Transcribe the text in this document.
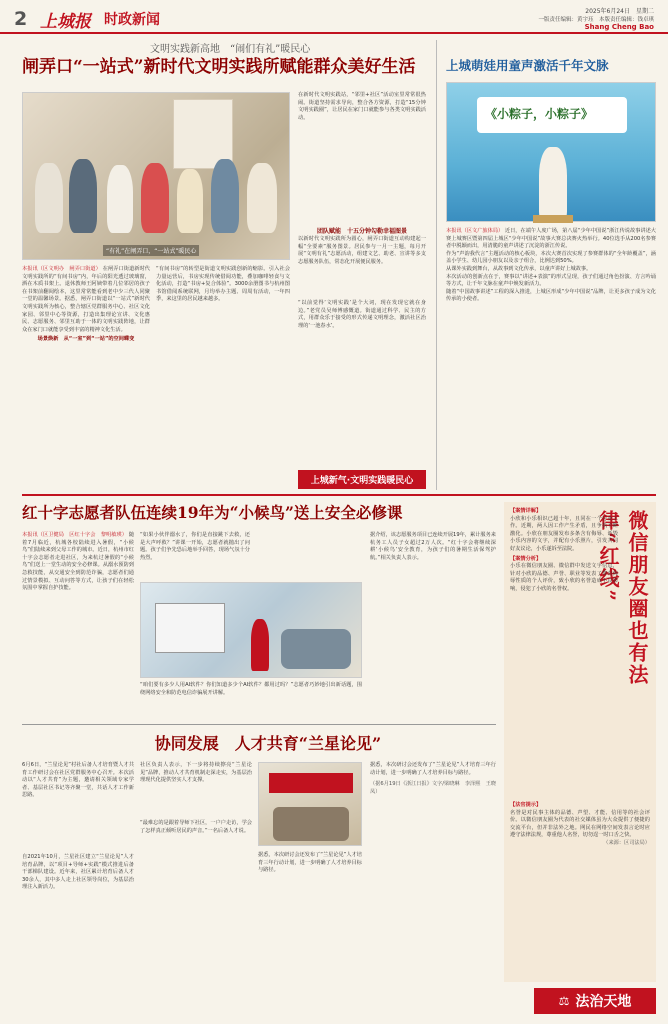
2 上城报 时政新闻
2025年6月24日　星期二
一版责任编辑：黄宇珏　本版责任编辑：钱卓琪
Shang Cheng Bao
文明实践新高地　“闹们有礼”暖民心
闸弄口“一站式”新时代文明实践所赋能群众美好生活
“有礼”在闸弄口，“一站式”暖民心
本报讯（区文明办　闸弄口街道） 在闸弄口街道新时代文明实践所的“有间书房”内，年后的阳光透过玻璃窗，洒在木质书架上。退休教师王阿姨带着几位邻居的孩子在书架前翻阅绘本，这里常常能看到老中少三代人同聚一堂的温馨场景。据悉，闸弄口街道以“一站式”新时代文明实践所为核心，整合辖区党群服务中心、社区文化家园、邻里中心等资源，打造出集理论宣讲、文化惠民、志愿服务、邻里互助于一体的文明实践阵地，让群众在家门口就能享受到丰富的精神文化生活。
场景焕新　从“一室”到“一站”的空间蝶变
“有间书房”的转型是街道文明实践创新的缩影。引入社会力量运营后，书房实现传统借阅功能，叠加咖啡轻食与文化活动，打造“书房+复合体验”。3000余册图书与杭州图书馆借阅系统联网，月均举办主题、周周有活动，一年四季，来这里的居民越来越多。
在新时代文明实践站，“邻里+社区”活动室里常常很热闹。街道坚持需求导向，整合各方资源，打造“15分钟文明实践圈”，让居民在家门口就能参与各类文明实践活动。
团队赋能　十五分钟勾勒幸福图景
以新时代文明实践所为圆心，闸弄口街道互动构建起一幅“全要素”服务图景。居民参与一月一主题，每月开展“文明有礼”志愿活动，组建文艺、助老、宣讲等多支志愿服务队伍，常态化开展便民服务。
“以前觉得‘文明实践’是个大词，现在发现它就在身边。”老党员吴师傅感慨道。街道通过科学、民主的方式，用群众乐于接受的形式传递文明理念，激活社区治理的‘一池春水’。
上城新气·文明实践暖民心
上城萌娃用童声激活千年文脉
《小粽子，小粽子》
本报讯（区文广旅体局） 近日，在端午人度广场，第八届“少年中国说”浙江传说故事讲述大赛上城赛区暨第四届上城区“少年中国说”故事大赛总决赛火热举行。40位选手从200名参赛者中脱颖而出，用清脆的童声讲述了沉淀的浙江传说。
作为“声韵我代言”主题活动的核心板块，本次大赛首次实现了参赛群体的“全年龄覆盖”，涵盖小学生、幼儿园小朋友以及亲子组合，比例达到50%。
从课外实践到舞台，从故事到文化传承，以童声讲好上城故事。
本次活动的创新点在于，赛事以“讲述+表演”的形式呈现，孩子们通过角色扮演、方言吟诵等方式，让千年文脉在童声中焕发新活力。
随着“中国故事讲述”工程的深入推进，上城区形成“少年中国说”品牌，让更多孩子成为文化传承的小使者。
红十字志愿者队伍连续19年为“小候鸟”送上安全必修课
本报讯（区卫健局　区红十字会　黎明敏瑛） 随着7月临近，杭城各校陆续进入暑假，“小候鸟”们陆续来到父母工作的城市。近日，杭州市红十字会志愿者走进社区，为来杭过暑假的“小候鸟”们送上一堂生动的安全必修课。从溺水预防到急救技能，从交通安全到防范诈骗，志愿者们通过情景模拟、互动问答等方式，让孩子们在轻松氛围中掌握自护技能。
“如果小伙伴溺水了，你们是直接跳下去救，还是大声呼救？”讲课一开始，志愿者就抛出了问题。孩子们争先恐后地举手回答，现场气氛十分热烈。
“咱们要有多少人用AI软件？你们知道多少个AI软件？都用过吗？”志愿者巧妙地引出新话题，围绕网络安全和防范电信诈骗展开讲解。
据介绍，该志愿服务项目已连续开展19年，累计服务来杭务工人员子女超过2万人次。“红十字会将继续深耕‘小候鸟’安全教育，为孩子们的暑期生活保驾护航。”相关负责人表示。
协同发展　人才共育“兰星论见”
6月6日，“兰星论见”村社后备人才培育暨人才共育工作研讨会在社区党群服务中心召开。本次活动以“人才共育”为主题，邀请相关领域专家学者、基层社区书记等齐聚一堂，共话人才工作新思路。
自2021年10月，兰星社区建立“兰星论见”人才培育品牌，以“项目+导师+实践”模式推进后备干部梯队建设。近年来，社区累计培育后备人才30余人，其中多人走上社区领导岗位，为基层治理注入新活力。
社区负责人表示，下一步将持续擦亮“兰星论见”品牌，推动人才共育机制走深走实，为基层治理现代化提供坚实人才支撑。
“最难忘的是跟着导师下社区，一户户走访，学会了怎样真正倾听居民的声音。”一名后备人才说。
据悉，本次研讨会还发布了“兰星论见”人才培育三年行动计划，进一步明确了人才培养目标与路径。
据悉，本次研讨会还发布了“兰星论见”人才培育三年行动计划，进一步明确了人才培养目标与路径。
（据6月19日《浙江日报》文字/梁晓琳　李泽熙　王晓凤）
微信朋友圈也有法律“红线”
【案情详解】
小欣和小乐相识已超十年，且同在一个行业工作。近期，两人因工作产生矛盾，且争执不断激化。小欣在朋友圈发布多条含有侮辱、诋毁小乐内容的文字，并配有小乐照片，引发共同好友议论，小乐遂诉至法院。
【案情分析】
小乐在微信朋友圈、微信群中发送文字信息，针对小欣的品德、声誉、职业等发表了带有侮辱性质的个人评价，致小欣的名誉造成不良影响，侵犯了小欣的名誉权。
【法官提示】
名誉是对民事主体的品德、声望、才能、信用等的社会评价。以微信朋友圈为代表的社交媒体虽为大众提供了便捷的交流平台，但并非法外之地。网民在网络空间发表言论时应遵守法律法规，尊重他人名誉，切勿逞一时口舌之快。
（来源：区司法局）
⚖ 法治天地
